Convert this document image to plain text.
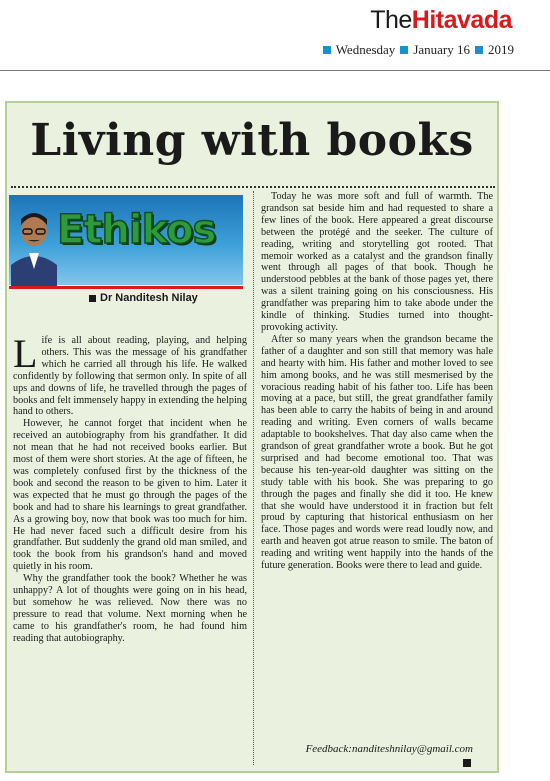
TheHitavada
Wednesday January 16 2019
Living with books
Ethikos
Dr Nanditesh Nilay

Life is all about reading, playing, and helping others. This was the message of his grandfather which he carried all through his life. He walked confidently by following that sermon only. In spite of all ups and downs of life, he travelled through the pages of books and felt immensely happy in extending the helping hand to others.

However, he cannot forget that incident when he received an autobiography from his grandfather. It did not mean that he had not received books earlier. But most of them were short stories. At the age of fifteen, he was completely confused first by the thickness of the book and second the reason to be given to him. Later it was expected that he must go through the pages of the book and had to share his learnings to great grandfather. As a growing boy, now that book was too much for him. He had never faced such a difficult desire from his grandfather. But suddenly the grand old man smiled, and took the book from his grandson's hand and moved quietly in his room.

Why the grandfather took the book? Whether he was unhappy? A lot of thoughts were going on in his head, but somehow he was relieved. Now there was no pressure to read that volume. Next morning when he came to his grandfather's room, he had found him reading that autobiography.

Today he was more soft and full of warmth. The grandson sat beside him and had requested to share a few lines of the book. Here appeared a great discourse between the protégé and the seeker. The culture of reading, writing and storytelling got rooted. That memoir worked as a catalyst and the grandson finally went through all pages of that book. Though he understood pebbles at the bank of those pages yet, there was a silent training going on his consciousness. His grandfather was preparing him to take abode under the kindle of thinking. Studies turned into thought-provoking activity.

After so many years when the grandson became the father of a daughter and son still that memory was hale and hearty with him. His father and mother loved to see him among books, and he was still mesmerised by the voracious reading habit of his father too. Life has been moving at a pace, but still, the great grandfather family has been able to carry the habits of being in and around reading and writing. Even corners of walls became adaptable to bookshelves. That day also came when the grandson of great grandfather wrote a book. But he got surprised and had become emotional too. That was because his ten-year-old daughter was sitting on the study table with his book. She was preparing to go through the pages and finally she did it too. He knew that she would have understood it in fraction but felt proud by capturing that historical enthusiasm on her face. Those pages and words were read loudly now, and earth and heaven got atrue reason to smile. The baton of reading and writing went happily into the hands of the future generation. Books were there to lead and guide.

Feedback:nanditeshnilay@gmail.com
